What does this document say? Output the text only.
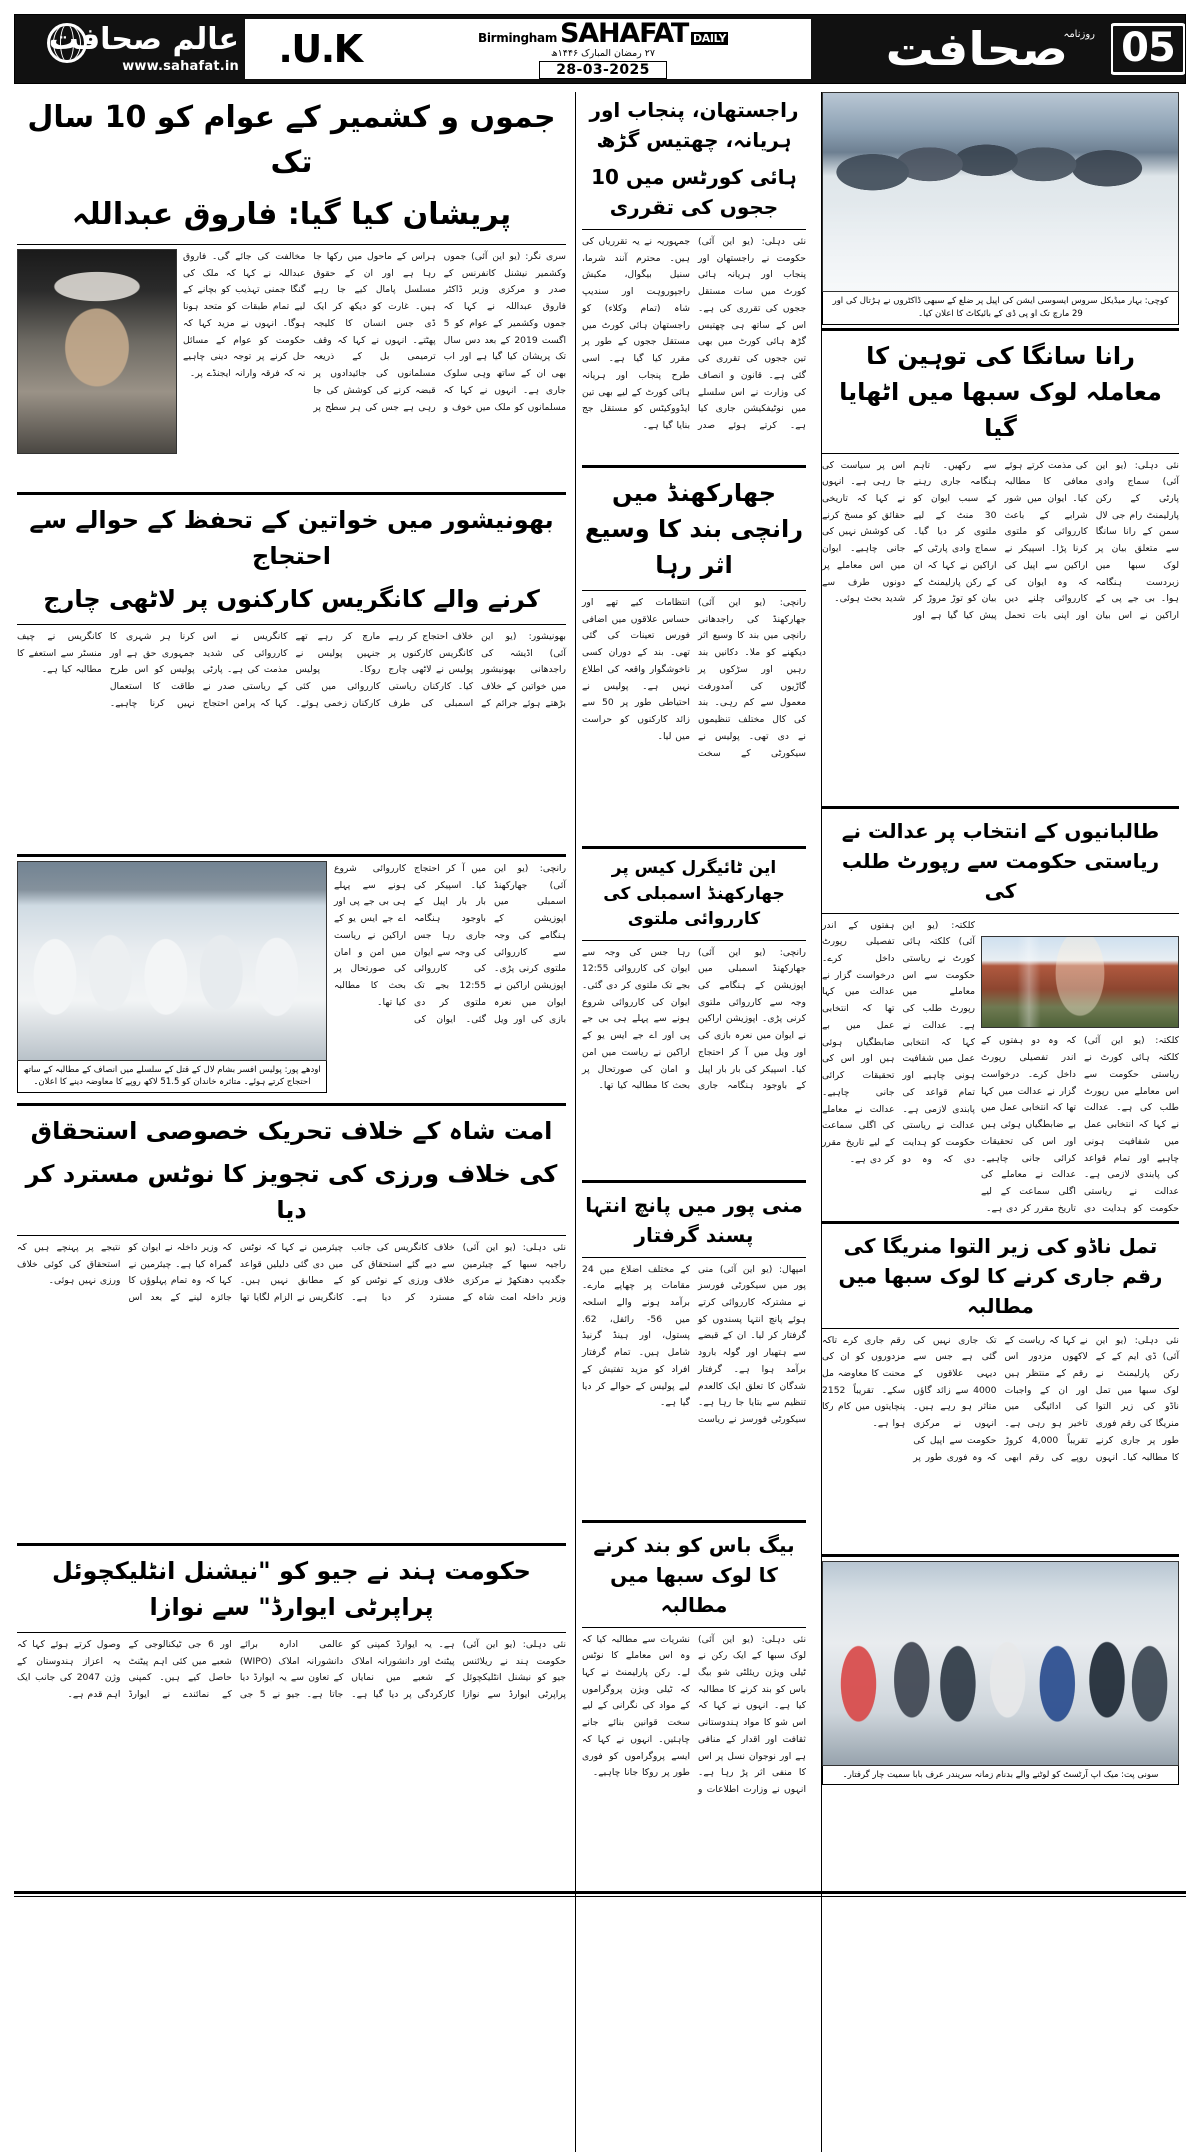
05
روزنامہ
صحافت
DAILY
SAHAFAT
Birmingham
۲۷ رمضان المبارک ۱۴۴۶ھ
28-03-2025
U.K.
عالم صحافت
www.sahafat.in
کوچی: بہار میڈیکل سروس ایسوسی ایشن کی اپیل پر ضلع کے سبھی ڈاکٹروں نے ہڑتال کی اور 29 مارچ تک او پی ڈی کے بائیکاٹ کا اعلان کیا۔
رانا سانگا کی توہین کا معاملہ لوک سبھا میں اٹھایا گیا
نئی دہلی: (یو این آئی) سماج وادی پارٹی کے رکن پارلیمنٹ رام جی لال سمن کے رانا سانگا سے متعلق بیان پر لوک سبھا میں زبردست ہنگامہ ہوا۔ بی جے پی کے اراکین نے اس بیان کی مذمت کرتے ہوئے معافی کا مطالبہ کیا۔ ایوان میں شور شرابے کے باعث کارروائی کو ملتوی کرنا پڑا۔ اسپیکر نے اراکین سے اپیل کی کہ وہ ایوان کی کارروائی چلنے دیں اور اپنی بات تحمل سے رکھیں۔ تاہم ہنگامہ جاری رہنے کے سبب ایوان کو 30 منٹ کے لیے ملتوی کر دیا گیا۔ سماج وادی پارٹی کے اراکین نے کہا کہ ان کے رکن پارلیمنٹ کے بیان کو توڑ مروڑ کر پیش کیا گیا ہے اور اس پر سیاست کی جا رہی ہے۔ انہوں نے کہا کہ تاریخی حقائق کو مسخ کرنے کی کوشش نہیں کی جانی چاہیے۔ ایوان میں اس معاملے پر دونوں طرف سے شدید بحث ہوئی۔
طالبانیوں کے انتخاب پر عدالت نے ریاستی حکومت سے رپورٹ طلب کی
کلکتہ: (یو این آئی) کلکتہ ہائی کورٹ نے ریاستی حکومت سے اس معاملے میں رپورٹ طلب کی ہے۔ عدالت نے کہا کہ انتخابی عمل میں شفافیت ہونی چاہیے اور تمام قواعد کی پابندی لازمی ہے۔ عدالت نے ریاستی حکومت کو ہدایت دی کہ وہ دو ہفتوں کے اندر تفصیلی رپورٹ داخل کرے۔ درخواست گزار نے عدالت میں کہا تھا کہ انتخابی عمل میں بے ضابطگیاں ہوئی ہیں اور اس کی تحقیقات کرائی جانی چاہیے۔ عدالت نے معاملے کی اگلی سماعت کے لیے تاریخ مقرر کر دی ہے۔
کلکتہ: (یو این آئی) کلکتہ ہائی کورٹ نے ریاستی حکومت سے اس معاملے میں رپورٹ طلب کی ہے۔ عدالت نے کہا کہ انتخابی عمل میں شفافیت ہونی چاہیے اور تمام قواعد کی پابندی لازمی ہے۔ عدالت نے ریاستی حکومت کو ہدایت دی کہ وہ دو ہفتوں کے اندر تفصیلی رپورٹ داخل کرے۔ درخواست گزار نے عدالت میں کہا تھا کہ انتخابی عمل میں بے ضابطگیاں ہوئی ہیں اور اس کی تحقیقات کرائی جانی چاہیے۔ عدالت نے معاملے کی اگلی سماعت کے لیے تاریخ مقرر کر دی ہے۔
تمل ناڈو کی زیر التوا منریگا کی رقم جاری کرنے کا لوک سبھا میں مطالبہ
نئی دہلی: (یو این آئی) ڈی ایم کے کے رکن پارلیمنٹ نے لوک سبھا میں تمل ناڈو کی زیر التوا منریگا کی رقم فوری طور پر جاری کرنے کا مطالبہ کیا۔ انہوں نے کہا کہ ریاست کے لاکھوں مزدور اس رقم کے منتظر ہیں اور ان کے واجبات کی ادائیگی میں تاخیر ہو رہی ہے۔ تقریباً 4,000 کروڑ روپے کی رقم ابھی تک جاری نہیں کی گئی ہے جس سے دیہی علاقوں کے 4000 سے زائد گاؤں متاثر ہو رہے ہیں۔ انہوں نے مرکزی حکومت سے اپیل کی کہ وہ فوری طور پر رقم جاری کرے تاکہ مزدوروں کو ان کی محنت کا معاوضہ مل سکے۔ تقریباً 2152 پنچایتوں میں کام رکا ہوا ہے۔
سونی پت: میک اپ آرٹسٹ کو لوٹنے والے بدنام زمانہ سریندر عرف بابا سمیت چار گرفتار۔
راجستھان، پنجاب اور ہریانہ، چھتیس گڑھ
ہائی کورٹس میں 10 ججوں کی تقرری
نئی دہلی: (یو این آئی) حکومت نے راجستھان اور پنجاب اور ہریانہ ہائی کورٹ میں سات مستقل ججوں کی تقرری کی ہے۔ اس کے ساتھ ہی چھتیس گڑھ ہائی کورٹ میں بھی تین ججوں کی تقرری کی گئی ہے۔ قانون و انصاف کی وزارت نے اس سلسلے میں نوٹیفکیشن جاری کیا ہے۔ کرتے ہوئے صدر جمہوریہ نے یہ تقرریاں کی ہیں۔ محترم آنند شرما، سنیل بیگوال، مکیش راجپوروہت اور سندیپ شاہ (تمام وکلاء) کو راجستھان ہائی کورٹ میں مستقل ججوں کے طور پر مقرر کیا گیا ہے۔ اسی طرح پنجاب اور ہریانہ ہائی کورٹ کے لیے بھی تین ایڈووکیٹس کو مستقل جج بنایا گیا ہے۔
جھارکھنڈ میں رانچی بند کا وسیع اثر رہا
رانچی: (یو این آئی) جھارکھنڈ کی راجدھانی رانچی میں بند کا وسیع اثر دیکھنے کو ملا۔ دکانیں بند رہیں اور سڑکوں پر گاڑیوں کی آمدورفت معمول سے کم رہی۔ بند کی کال مختلف تنظیموں نے دی تھی۔ پولیس نے سیکورٹی کے سخت انتظامات کیے تھے اور حساس علاقوں میں اضافی فورس تعینات کی گئی تھی۔ بند کے دوران کسی ناخوشگوار واقعہ کی اطلاع نہیں ہے۔ پولیس نے احتیاطی طور پر 50 سے زائد کارکنوں کو حراست میں لیا۔
این ٹائیگرل کیس پر جھارکھنڈ اسمبلی کی کارروائی ملتوی
رانچی: (یو این آئی) جھارکھنڈ اسمبلی میں اپوزیشن کے ہنگامے کی وجہ سے کارروائی ملتوی کرنی پڑی۔ اپوزیشن اراکین نے ایوان میں نعرہ بازی کی اور ویل میں آ کر احتجاج کیا۔ اسپیکر کی بار بار اپیل کے باوجود ہنگامہ جاری رہا جس کی وجہ سے ایوان کی کارروائی 12:55 بجے تک ملتوی کر دی گئی۔ ایوان کی کارروائی شروع ہونے سے پہلے ہی بی جے پی اور اے جے ایس یو کے اراکین نے ریاست میں امن و امان کی صورتحال پر بحث کا مطالبہ کیا تھا۔
منی پور میں پانچ انتہا پسند گرفتار
امپھال: (یو این آئی) منی پور میں سیکورٹی فورسز نے مشترکہ کارروائی کرتے ہوئے پانچ انتہا پسندوں کو گرفتار کر لیا۔ ان کے قبضے سے ہتھیار اور گولہ بارود برآمد ہوا ہے۔ گرفتار شدگان کا تعلق ایک کالعدم تنظیم سے بتایا جا رہا ہے۔ سیکورٹی فورسز نے ریاست کے مختلف اضلاع میں 24 مقامات پر چھاپے مارے۔ برآمد ہونے والے اسلحہ میں 56- رائفل، 62. پستول، اور ہینڈ گرنیڈ شامل ہیں۔ تمام گرفتار افراد کو مزید تفتیش کے لیے پولیس کے حوالے کر دیا گیا ہے۔
بیگ باس کو بند کرنے کا لوک سبھا میں مطالبہ
نئی دہلی: (یو این آئی) لوک سبھا کے ایک رکن نے ٹیلی ویژن ریئلٹی شو بیگ باس کو بند کرنے کا مطالبہ کیا ہے۔ انہوں نے کہا کہ اس شو کا مواد ہندوستانی ثقافت اور اقدار کے منافی ہے اور نوجوان نسل پر اس کا منفی اثر پڑ رہا ہے۔ انہوں نے وزارت اطلاعات و نشریات سے مطالبہ کیا کہ وہ اس معاملے کا نوٹس لے۔ رکن پارلیمنٹ نے کہا کہ ٹیلی ویژن پروگراموں کے مواد کی نگرانی کے لیے سخت قوانین بنائے جانے چاہئیں۔ انہوں نے کہا کہ ایسے پروگراموں کو فوری طور پر روکا جانا چاہیے۔
جموں و کشمیر کے عوام کو 10 سال تک
پریشان کیا گیا: فاروق عبداللہ
سری نگر: (یو این آئی) جموں وکشمیر نیشنل کانفرنس کے صدر و مرکزی وزیر ڈاکٹر فاروق عبداللہ نے کہا کہ جموں وکشمیر کے عوام کو 5 اگست 2019 کے بعد دس سال تک پریشان کیا گیا ہے اور اب بھی ان کے ساتھ وہی سلوک جاری ہے۔ انہوں نے کہا کہ مسلمانوں کو ملک میں خوف و ہراس کے ماحول میں رکھا جا رہا ہے اور ان کے حقوق مسلسل پامال کیے جا رہے ہیں۔ غارت کو دیکھ کر ایک ڈی جس انسان کا کلیجہ پھٹتے۔ انہوں نے کہا کہ وقف ترمیمی بل کے ذریعہ مسلمانوں کی جائیدادوں پر قبضہ کرنے کی کوشش کی جا رہی ہے جس کی ہر سطح پر مخالفت کی جائے گی۔ فاروق عبداللہ نے کہا کہ ملک کی گنگا جمنی تہذیب کو بچانے کے لیے تمام طبقات کو متحد ہونا ہوگا۔ انہوں نے مزید کہا کہ حکومت کو عوام کے مسائل حل کرنے پر توجہ دینی چاہیے نہ کہ فرقہ وارانہ ایجنڈے پر۔
بھونیشور میں خواتین کے تحفظ کے حوالے سے احتجاج
کرنے والے کانگریس کارکنوں پر لاٹھی چارج
بھونیشور: (یو این آئی) اڈیشہ کی راجدھانی بھونیشور میں خواتین کے خلاف بڑھتے ہوئے جرائم کے خلاف احتجاج کر رہے کانگریس کارکنوں پر پولیس نے لاٹھی چارج کیا۔ کارکنان ریاستی اسمبلی کی طرف مارچ کر رہے تھے جنہیں پولیس نے روکا۔ پولیس کارروائی میں کئی کارکنان زخمی ہوئے۔ کانگریس نے اس کارروائی کی شدید مذمت کی ہے۔ پارٹی کے ریاستی صدر نے کہا کہ پرامن احتجاج کرنا ہر شہری کا جمہوری حق ہے اور پولیس کو اس طرح طاقت کا استعمال نہیں کرنا چاہیے۔ کانگریس نے چیف منسٹر سے استعفے کا مطالبہ کیا ہے۔
رانچی: (یو این آئی) جھارکھنڈ اسمبلی میں اپوزیشن کے ہنگامے کی وجہ سے کارروائی ملتوی کرنی پڑی۔ اپوزیشن اراکین نے ایوان میں نعرہ بازی کی اور ویل میں آ کر احتجاج کیا۔ اسپیکر کی بار بار اپیل کے باوجود ہنگامہ جاری رہا جس کی وجہ سے ایوان کی کارروائی 12:55 بجے تک ملتوی کر دی گئی۔ ایوان کی کارروائی شروع ہونے سے پہلے ہی بی جے پی اور اے جے ایس یو کے اراکین نے ریاست میں امن و امان کی صورتحال پر بحث کا مطالبہ کیا تھا۔
اودھے پور: پولیس افسر بشام لال کے قتل کے سلسلے میں انصاف کے مطالبہ کے ساتھ احتجاج کرتے ہوئے۔ متاثرہ خاندان کو 51.5 لاکھ روپے کا معاوضہ دینے کا اعلان۔
امت شاہ کے خلاف تحریک خصوصی استحقاق
کی خلاف ورزی کی تجویز کا نوٹس مسترد کر دیا
نئی دہلی: (یو این آئی) راجیہ سبھا کے چیئرمین جگدیپ دھنکھڑ نے مرکزی وزیر داخلہ امت شاہ کے خلاف کانگریس کی جانب سے دیے گئے استحقاق کی خلاف ورزی کے نوٹس کو مسترد کر دیا ہے۔ چیئرمین نے کہا کہ نوٹس میں دی گئی دلیلیں قواعد کے مطابق نہیں ہیں۔ کانگریس نے الزام لگایا تھا کہ وزیر داخلہ نے ایوان کو گمراہ کیا ہے۔ چیئرمین نے کہا کہ وہ تمام پہلوؤں کا جائزہ لینے کے بعد اس نتیجے پر پہنچے ہیں کہ استحقاق کی کوئی خلاف ورزی نہیں ہوئی۔
حکومت ہند نے جیو کو "نیشنل انٹلیکچوئل پراپرٹی ایوارڈ" سے نوازا
نئی دہلی: (یو این آئی) حکومت ہند نے ریلائنس جیو کو نیشنل انٹلیکچوئل پراپرٹی ایوارڈ سے نوازا ہے۔ یہ ایوارڈ کمپنی کو پیٹنٹ اور دانشورانہ املاک کے شعبے میں نمایاں کارکردگی پر دیا گیا ہے۔ عالمی ادارہ برائے دانشورانہ املاک (WIPO) کے تعاون سے یہ ایوارڈ دیا جاتا ہے۔ جیو نے 5 جی اور 6 جی ٹیکنالوجی کے شعبے میں کئی اہم پیٹنٹ حاصل کیے ہیں۔ کمپنی کے نمائندے نے ایوارڈ وصول کرتے ہوئے کہا کہ یہ اعزاز ہندوستان کے وژن 2047 کی جانب ایک اہم قدم ہے۔
